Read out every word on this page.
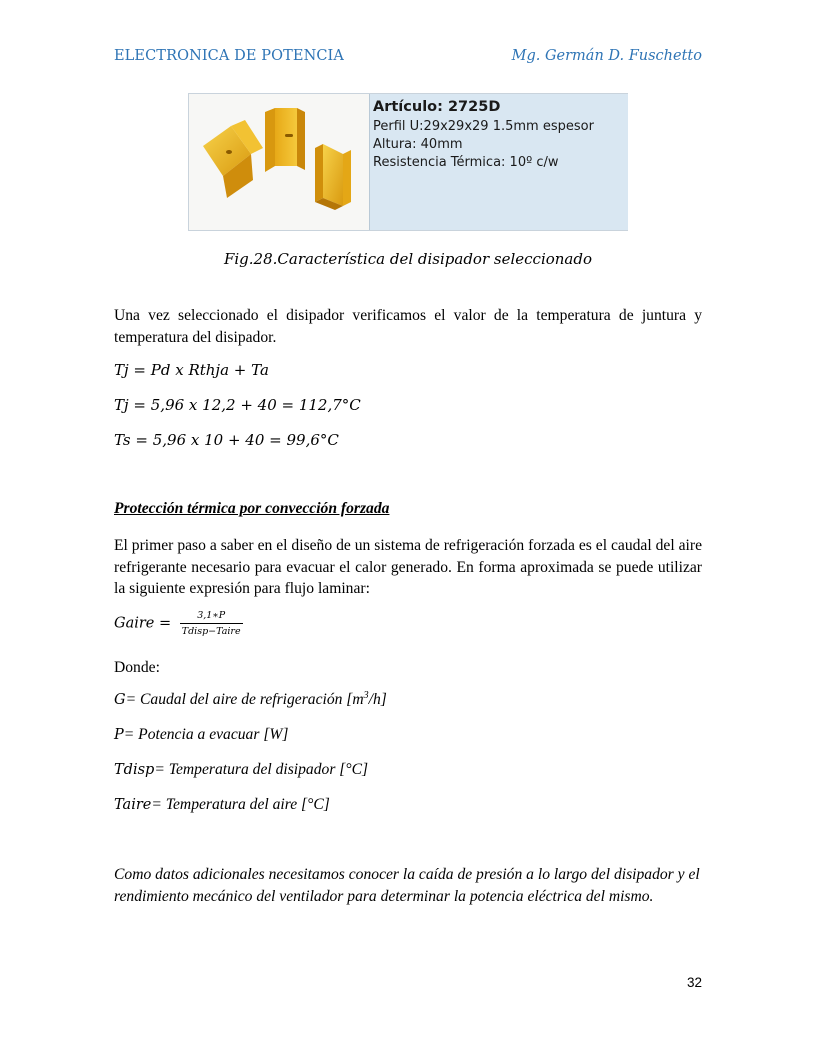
ELECTRONICA DE POTENCIA	Mg. Germán D. Fuschetto
Artículo: 2725D
Perfil U:29x29x29 1.5mm espesor
Altura: 40mm
Resistencia Térmica: 10º c/w
Fig.28.Característica del disipador seleccionado
Una vez seleccionado el disipador verificamos el valor de la temperatura de juntura y temperatura del disipador.
Tj = Pd x Rthja + Ta
Tj = 5,96 x 12,2 + 40 = 112,7°C
Ts = 5,96 x 10 + 40 = 99,6°C
Protección térmica por convección forzada
El primer paso a saber en el diseño de un sistema de refrigeración forzada es el caudal del aire refrigerante necesario para evacuar el calor generado. En forma aproximada se puede utilizar la siguiente expresión para flujo laminar:
Gaire = $\frac{3,1∗P}{\text{Tdisp−Taire}}$
Donde:
G= Caudal del aire de refrigeración $[m^3/h]$
P= Potencia a evacuar [W]
Tdisp= Temperatura del disipador [°C]
Taire= Temperatura del aire [°C]
Como datos adicionales necesitamos conocer la caída de presión a lo largo del disipador y el rendimiento mecánico del ventilador para determinar la potencia eléctrica del mismo.
32
